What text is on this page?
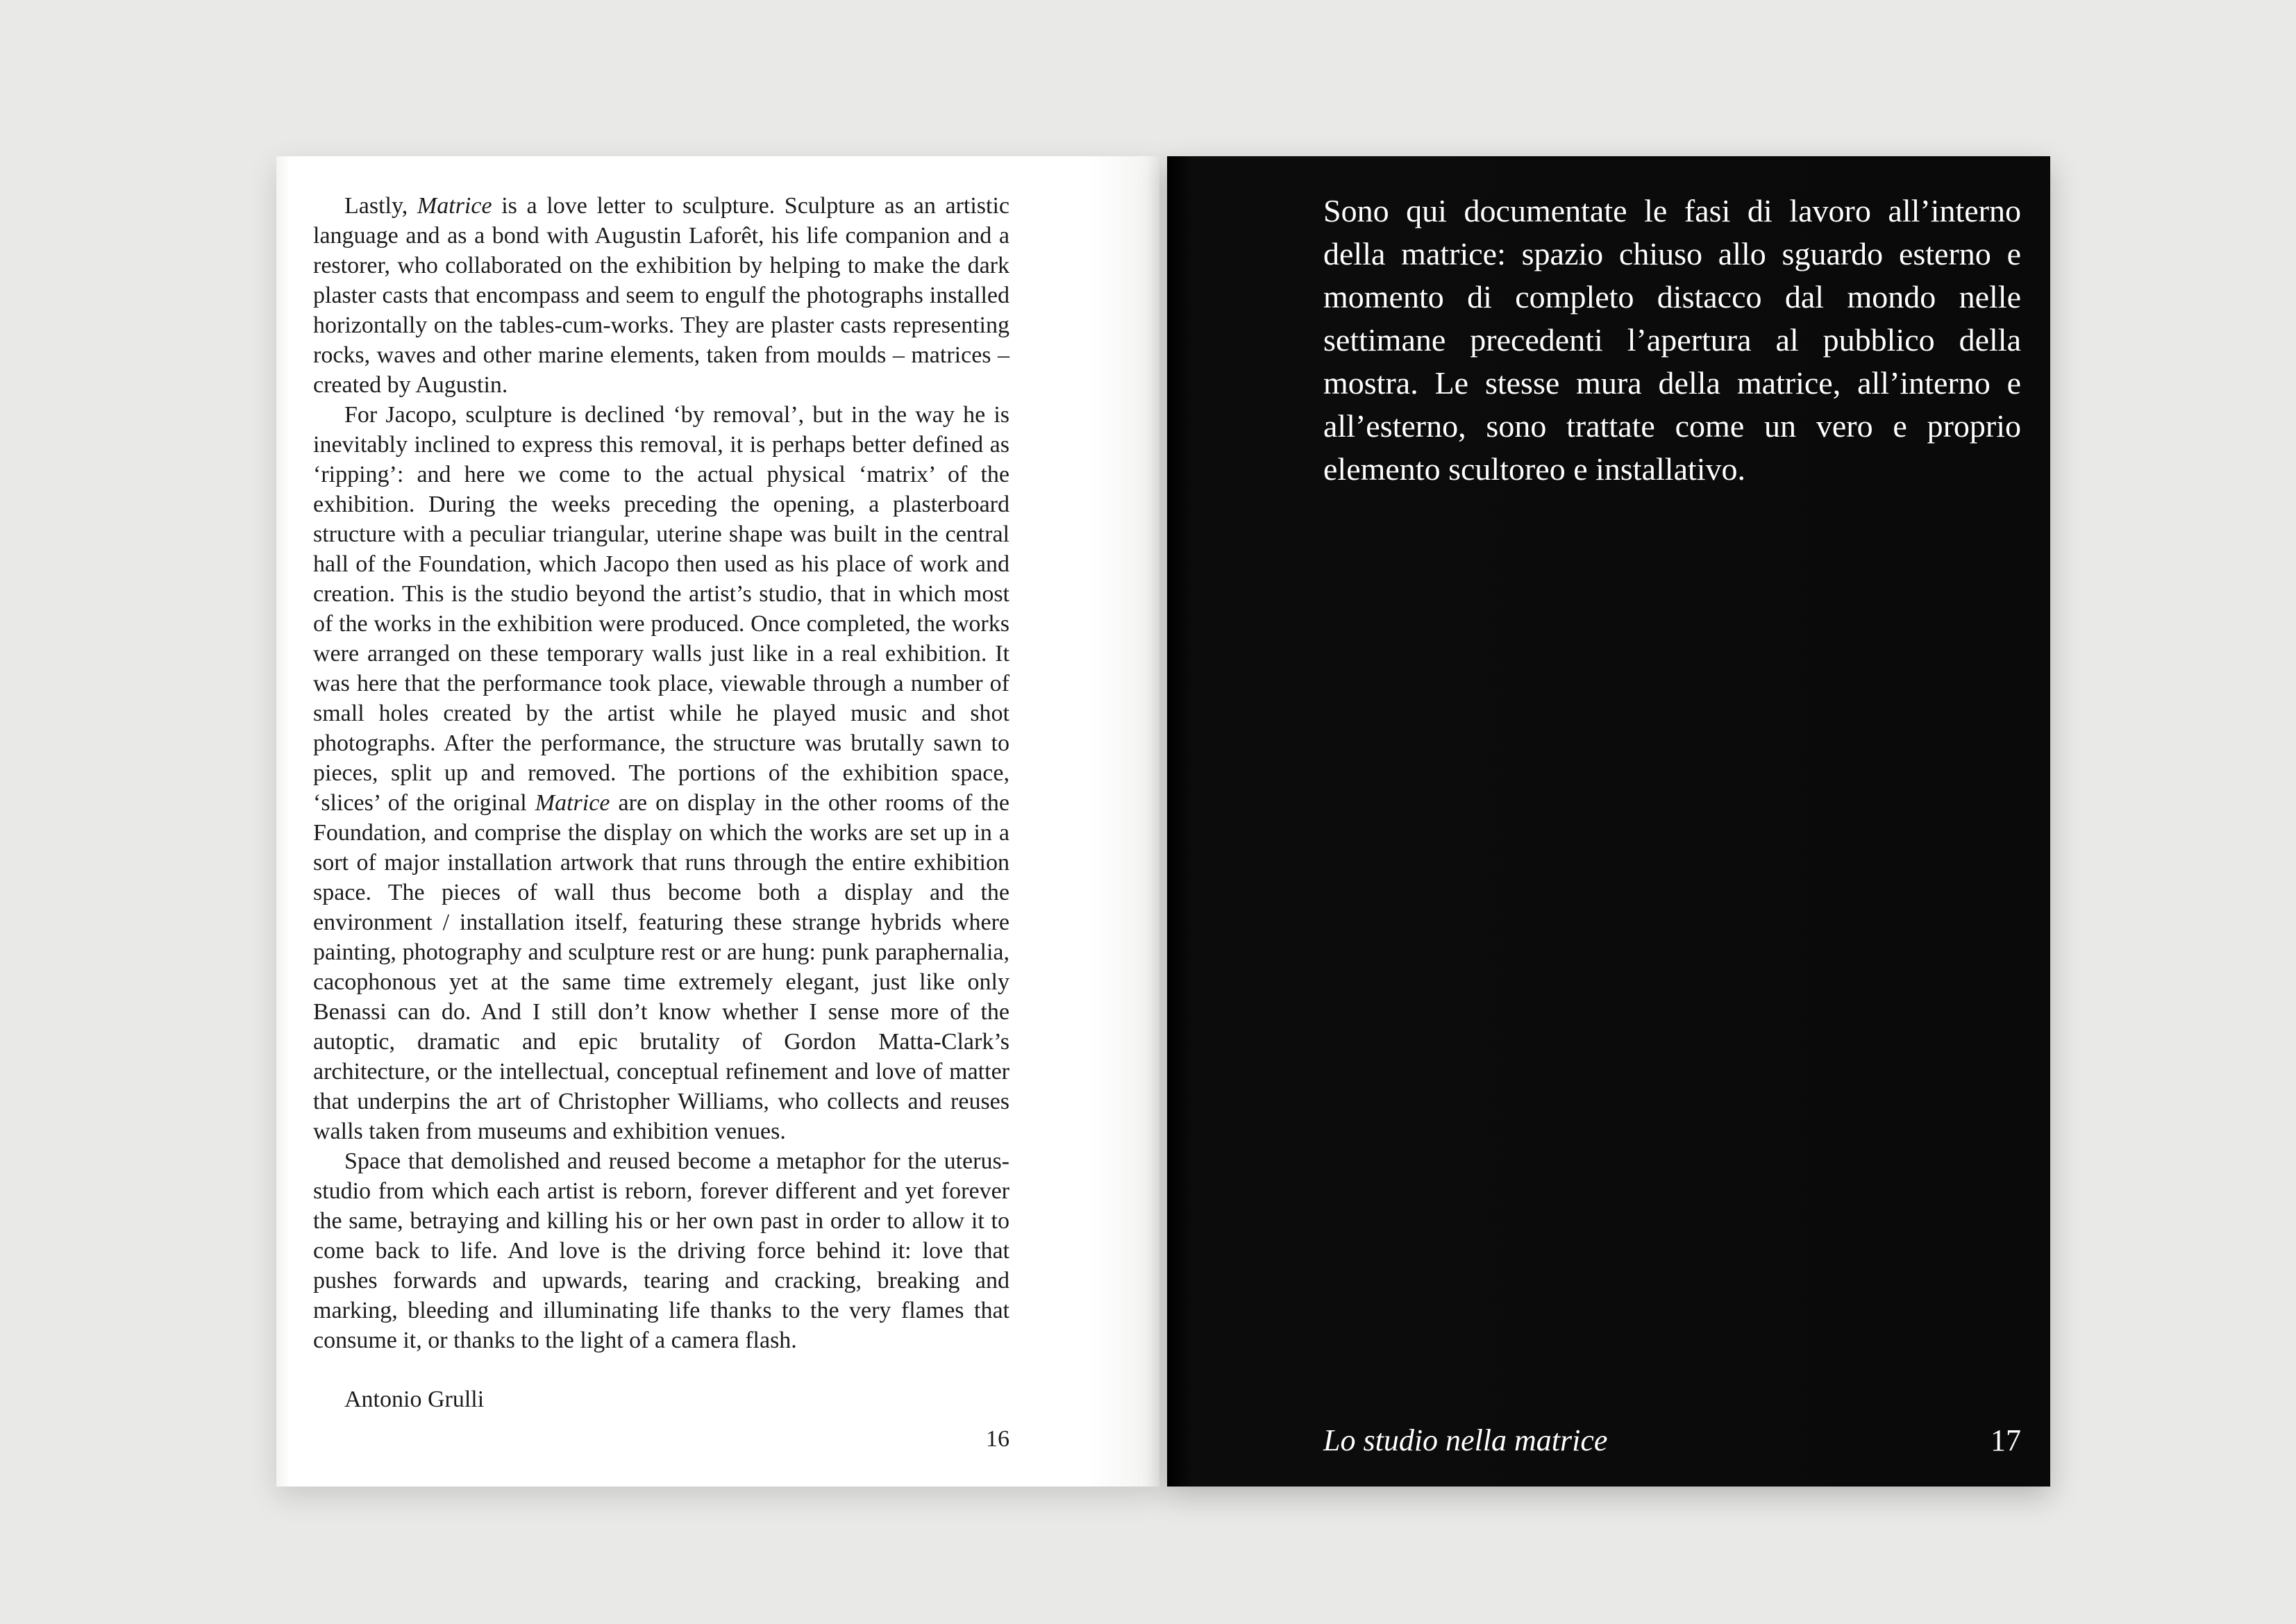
Lastly, Matrice is a love letter to sculpture. Sculpture as an artistic language and as a bond with Augustin Laforêt, his life companion and a restorer, who collaborated on the exhibition by helping to make the dark plaster casts that encompass and seem to engulf the photographs installed horizontally on the tables-cum-works. They are plaster casts representing rocks, waves and other marine elements, taken from moulds – matrices – created by Augustin.

For Jacopo, sculpture is declined ‘by removal’, but in the way he is inevitably inclined to express this removal, it is perhaps better defined as ‘ripping’: and here we come to the actual physical ‘matrix’ of the exhibition. During the weeks preceding the opening, a plasterboard structure with a peculiar triangular, uterine shape was built in the central hall of the Foundation, which Jacopo then used as his place of work and creation. This is the studio beyond the artist’s studio, that in which most of the works in the exhibition were produced. Once completed, the works were arranged on these temporary walls just like in a real exhibition. It was here that the performance took place, viewable through a number of small holes created by the artist while he played music and shot photographs. After the performance, the structure was brutally sawn to pieces, split up and removed. The portions of the exhibition space, ‘slices’ of the original Matrice are on display in the other rooms of the Foundation, and comprise the display on which the works are set up in a sort of major installation artwork that runs through the entire exhibition space. The pieces of wall thus become both a display and the environment / installation itself, featuring these strange hybrids where painting, photography and sculpture rest or are hung: punk paraphernalia, cacophonous yet at the same time extremely elegant, just like only Benassi can do. And I still don’t know whether I sense more of the autoptic, dramatic and epic brutality of Gordon Matta-Clark’s architecture, or the intellectual, conceptual refinement and love of matter that underpins the art of Christopher Williams, who collects and reuses walls taken from museums and exhibition venues.

Space that demolished and reused become a metaphor for the uterus-studio from which each artist is reborn, forever different and yet forever the same, betraying and killing his or her own past in order to allow it to come back to life. And love is the driving force behind it: love that pushes forwards and upwards, tearing and cracking, breaking and marking, bleeding and illuminating life thanks to the very flames that consume it, or thanks to the light of a camera flash.

Antonio Grulli

16

Sono qui documentate le fasi di lavoro all’interno della matrice: spazio chiuso allo sguardo esterno e momento di completo distacco dal mondo nelle settimane precedenti l’apertura al pubblico della mostra. Le stesse mura della matrice, all’interno e all’esterno, sono trattate come un vero e proprio elemento scultoreo e installativo.

Lo studio nella matrice	17
